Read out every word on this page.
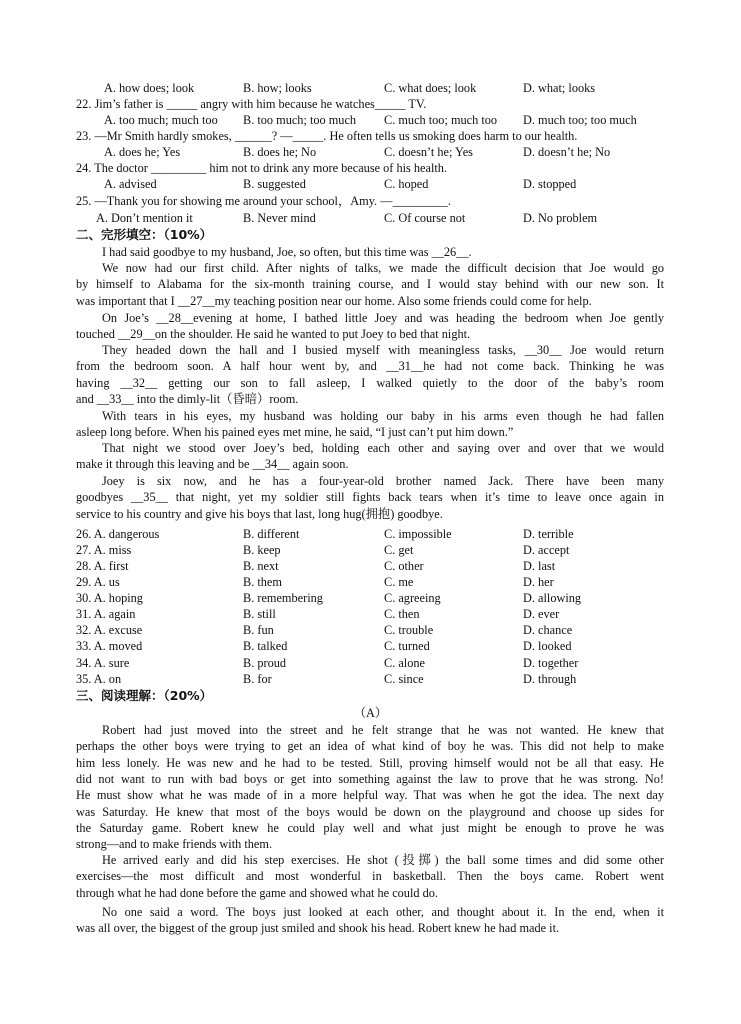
A. how does; look	B. how; looks	C. what does; look	D. what; looks
22. Jim’s father is _____ angry with him because he watches_____ TV.
A. too much; much too B. too much; too much C. much too; much too D. much too; too much
23. —Mr Smith hardly smokes, ______? —_____. He often tells us smoking does harm to our health.
A. does he; Yes	B. does he; No	C. doesn’t he; Yes	D. doesn’t he; No
24. The doctor _________ him not to drink any more because of his health.
A. advised	B. suggested	C. hoped	D. stopped
25. —Thank you for showing me around your school，Amy. —_________.
A. Don’t mention it	B. Never mind	C. Of course not	D. No problem
二、完形填空：（10%）
I had said goodbye to my husband, Joe, so often, but this time was __26__.
We now had our first child. After nights of talks, we made the difficult decision that Joe would go
by himself to Alabama for the six-month training course, and I would stay behind with our new son. It
was important that I __27__my teaching position near our home. Also some friends could come for help.
On Joe’s __28__evening at home, I bathed little Joey and was heading the bedroom when Joe gently
touched __29__on the shoulder. He said he wanted to put Joey to bed that night.
They headed down the hall and I busied myself with meaningless tasks, __30__ Joe would return
from the bedroom soon. A half hour went by, and __31__he had not come back. Thinking he was
having __32__ getting our son to fall asleep, I walked quietly to the door of the baby’s room
and __33__ into the dimly-lit（昏暗）room.
With tears in his eyes, my husband was holding our baby in his arms even though he had fallen
asleep long before. When his pained eyes met mine, he said, “I just can’t put him down.”
That night we stood over Joey’s bed, holding each other and saying over and over that we would
make it through this leaving and be __34__ again soon.
Joey is six now, and he has a four-year-old brother named Jack. There have been many
goodbyes __35__ that night, yet my soldier still fights back tears when it’s time to leave once again in
service to his country and give his boys that last, long hug(拥抱) goodbye.
26. A. dangerous	B. different	C. impossible	D. terrible
27. A. miss	B. keep	C. get	D. accept
28. A. first	B. next	C. other	D. last
29. A. us	B. them	C. me	D. her
30. A. hoping	B. remembering	C. agreeing	D. allowing
31. A. again	B. still	C. then	D. ever
32. A. excuse	B. fun	C. trouble	D. chance
33. A. moved	B. talked	C. turned	D. looked
34. A. sure	B. proud	C. alone	D. together
35. A. on	B. for	C. since	D. through
三、阅读理解：（20%）
（A）
Robert had just moved into the street and he felt strange that he was not wanted. He knew that
perhaps the other boys were trying to get an idea of what kind of boy he was. This did not help to make
him less lonely. He was new and he had to be tested. Still, proving himself would not be all that easy. He
did not want to run with bad boys or get into something against the law to prove that he was strong. No!
He must show what he was made of in a more helpful way. That was when he got the idea. The next day
was Saturday. He knew that most of the boys would be down on the playground and choose up sides for
the Saturday game. Robert knew he could play well and what just might be enough to prove he was
strong—and to make friends with them.
He arrived early and did his step exercises. He shot (投掷) the ball some times and did some other
exercises—the most difficult and most wonderful in basketball. Then the boys came. Robert went
through what he had done before the game and showed what he could do.
No one said a word. The boys just looked at each other, and thought about it. In the end, when it
was all over, the biggest of the group just smiled and shook his head. Robert knew he had made it.
